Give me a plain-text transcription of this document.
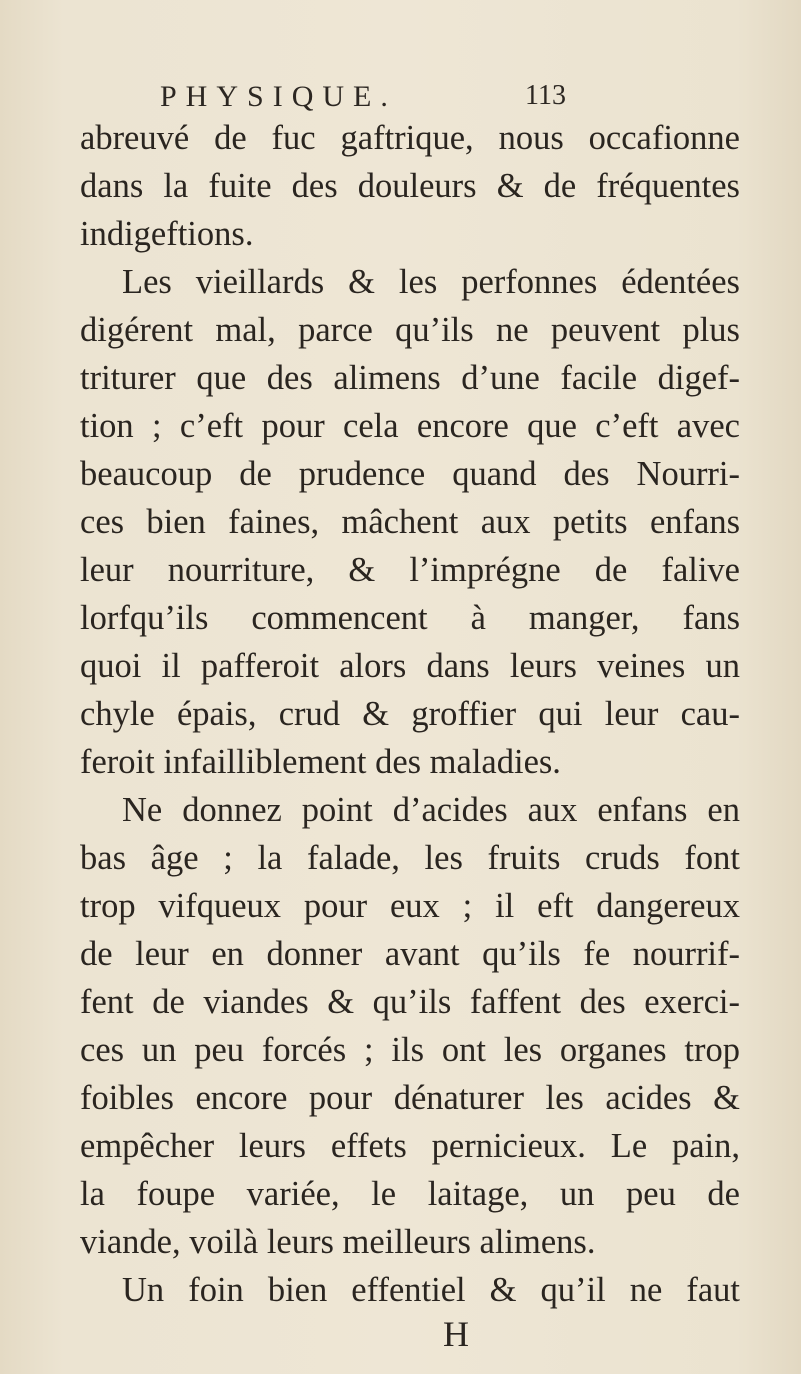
PHYSIQUE.	113
abreuvé de fuc gaftrique, nous occafionne
dans la fuite des douleurs & de fréquentes
indigeftions.
Les vieillards & les perfonnes édentées
digérent mal, parce qu’ils ne peuvent plus
triturer que des alimens d’une facile digef-
tion ; c’eft pour cela encore que c’eft avec
beaucoup de prudence quand des Nourri-
ces bien faines, mâchent aux petits enfans
leur nourriture, & l’imprégne de falive
lorfqu’ils commencent à manger, fans
quoi il pafferoit alors dans leurs veines un
chyle épais, crud & groffier qui leur cau-
feroit infailliblement des maladies.
Ne donnez point d’acides aux enfans en
bas âge ; la falade, les fruits cruds font
trop vifqueux pour eux ; il eft dangereux
de leur en donner avant qu’ils fe nourrif-
fent de viandes & qu’ils faffent des exerci-
ces un peu forcés ; ils ont les organes trop
foibles encore pour dénaturer les acides &
empêcher leurs effets pernicieux. Le pain,
la foupe variée, le laitage, un peu de
viande, voilà leurs meilleurs alimens.
Un foin bien effentiel & qu’il ne faut
H
